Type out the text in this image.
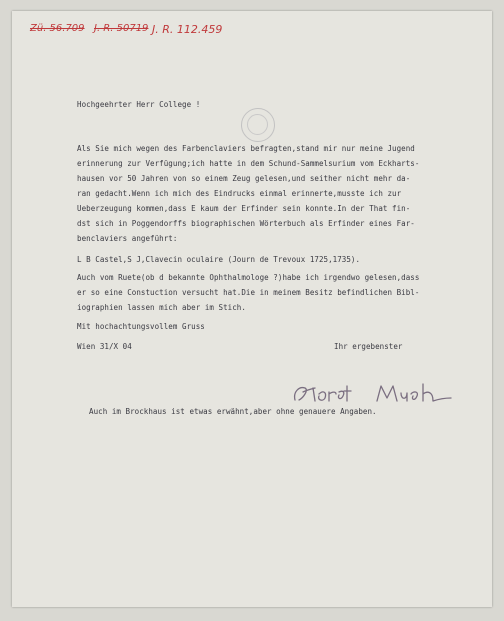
Zü. 56.709 J. R. 50719 J. R. 112.459
Hochgeehrter Herr College !
Als Sie mich wegen des Farbenclaviers befragten,stand mir nur meine Jugend
erinnerung zur Verfügung;ich hatte in dem Schund-Sammelsurium vom Eckharts-
hausen vor 50 Jahren von so einem Zeug gelesen,und seither nicht mehr da-
ran gedacht.Wenn ich mich des Eindrucks einmal erinnerte,musste ich zur
Ueberzeugung kommen,dass E kaum der Erfinder sein konnte.In der That fin-
dst sich in Poggendorffs biographischen Wörterbuch als Erfinder eines Far-
benclaviers angeführt:
L B Castel,S J,Clavecin oculaire (Journ de Trevoux 1725,1735).
Auch vom Ruete(ob d bekannte Ophthalmologe ?)habe ich irgendwo gelesen,dass
er so eine Constuction versucht hat.Die in meinem Besitz befindlichen Bibl-
iographien lassen mich aber im Stich.
Mit hochachtungsvollem Gruss
Wien 31/X 04	Ihr ergebenster
Auch im Brockhaus ist etwas erwähnt,aber ohne genauere Angaben.
